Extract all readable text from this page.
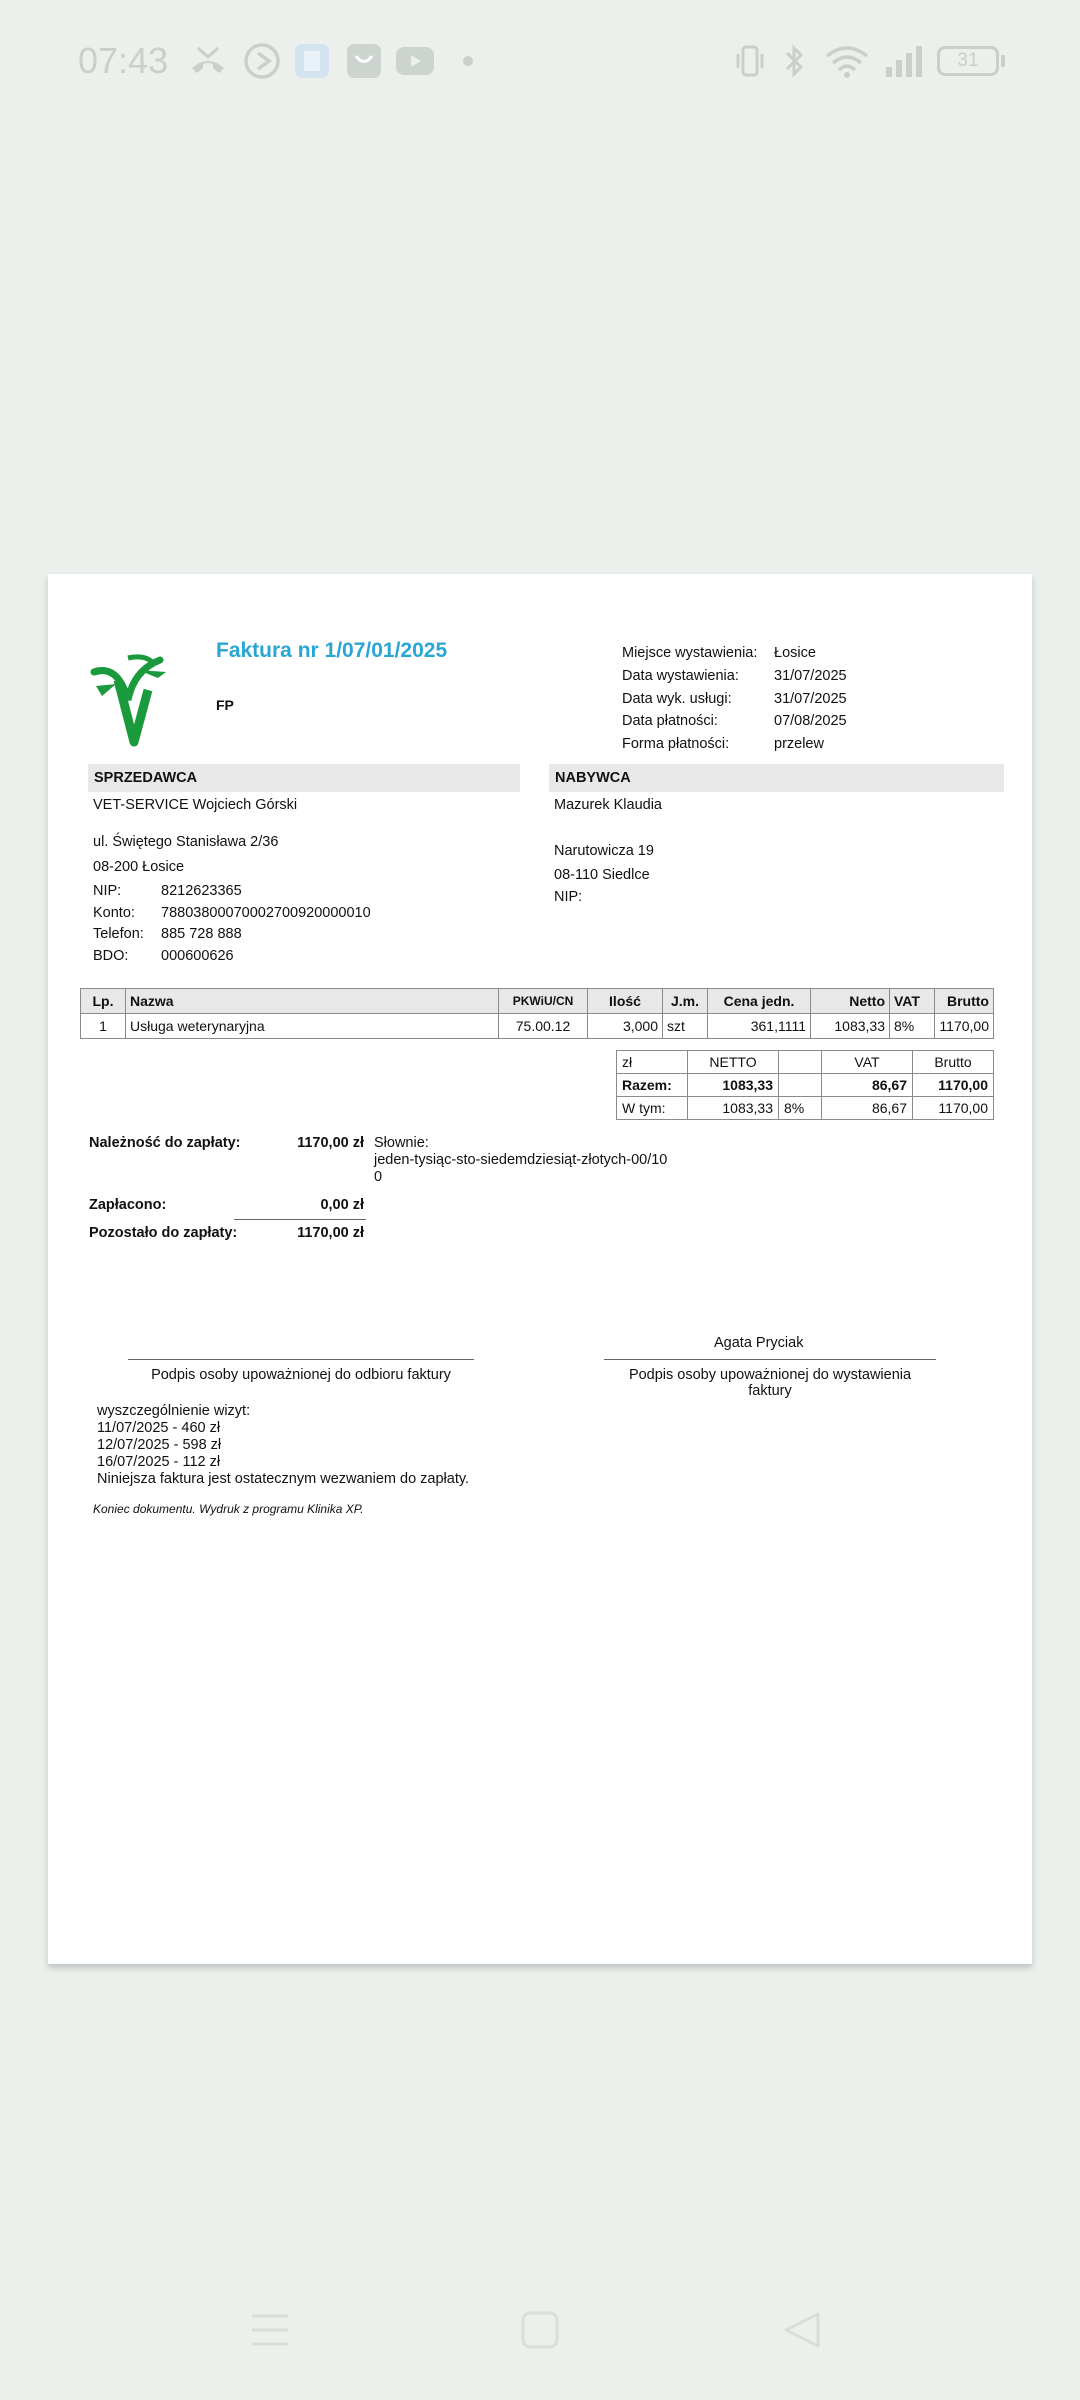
07:43	31
Faktura nr 1/07/01/2025
FP
Miejsce wystawienia: Łosice
Data wystawienia: 31/07/2025
Data wyk. usługi:	31/07/2025
Data płatności:	07/08/2025
Forma płatności:	przelew
SPRZEDAWCA
VET-SERVICE Wojciech Górski
ul. Świętego Stanisława 2/36
08-200 Łosice
NIP:	8212623365
Konto: 78803800070002700920000010
Telefon: 885 728 888
BDO: 000600626
NABYWCA
Mazurek Klaudia
Narutowicza 19
08-110 Siedlce
NIP:
Lp.	Nazwa	PKWiU/CN	Ilość	J.m.	Cena jedn.	Netto	VAT	Brutto
1	Usługa weterynaryjna	75.00.12	3,000	szt	361,1111	1083,33	8%	1170,00
zł	NETTO		VAT	Brutto
Razem:	1083,33		86,67	1170,00
W tym:	1083,33	8%	86,67	1170,00
Należność do zapłaty:	1170,00 zł Słownie:
jeden-tysiąc-sto-siedemdziesiąt-złotych-00/10
0
Zapłacono:	0,00 zł
Pozostało do zapłaty:	1170,00 zł
Agata Pryciak
Podpis osoby upoważnionej do odbioru faktury	Podpis osoby upoważnionej do wystawienia
faktury
wyszczególnienie wizyt:
11/07/2025 - 460 zł
12/07/2025 - 598 zł
16/07/2025 - 112 zł
Niniejsza faktura jest ostatecznym wezwaniem do zapłaty.
Koniec dokumentu. Wydruk z programu Klinika XP.
